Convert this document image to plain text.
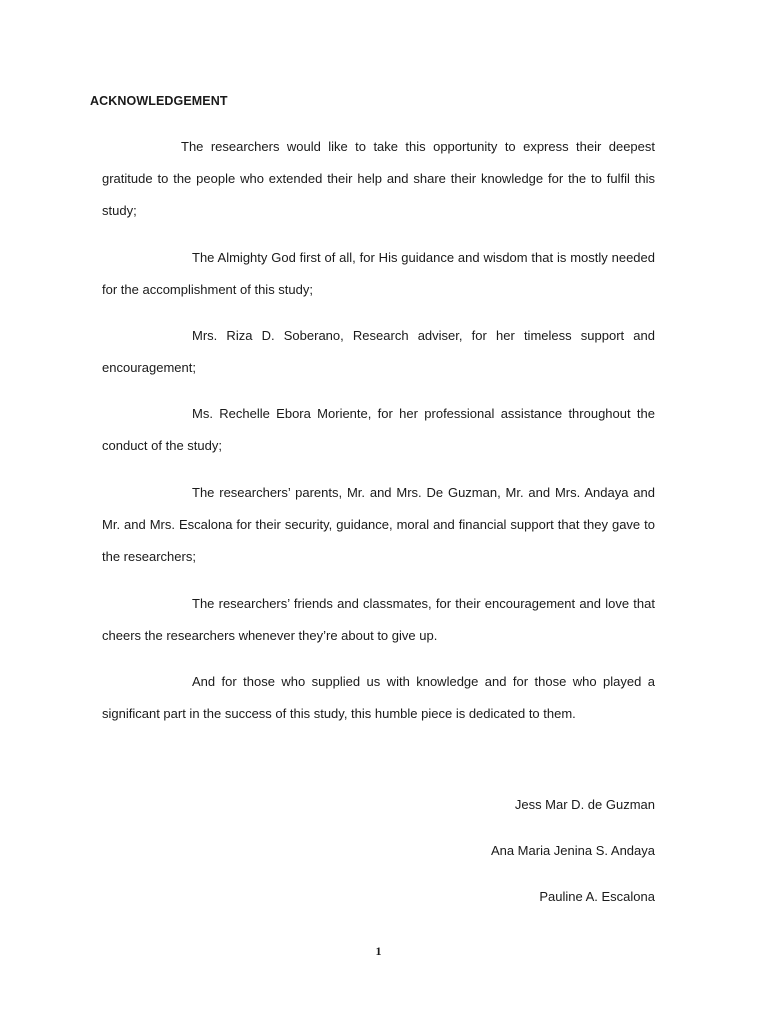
ACKNOWLEDGEMENT
The researchers would like to take this opportunity to express their deepest gratitude to the people who extended their help and share their knowledge for the to fulfil this study;
The Almighty God first of all, for His guidance and wisdom that is mostly needed for the accomplishment of this study;
Mrs. Riza D. Soberano, Research adviser, for her timeless support and encouragement;
Ms. Rechelle Ebora Moriente, for her professional assistance throughout the conduct of the study;
The researchers’ parents, Mr. and Mrs. De Guzman, Mr. and Mrs. Andaya and Mr. and Mrs. Escalona for their security, guidance, moral and financial support that they gave to the researchers;
The researchers’ friends and classmates, for their encouragement and love that cheers the researchers whenever they’re about to give up.
And for those who supplied us with knowledge and for those who played a significant part in the success of this study, this humble piece is dedicated to them.
Jess Mar D. de Guzman
Ana Maria Jenina S. Andaya
Pauline A. Escalona
1
